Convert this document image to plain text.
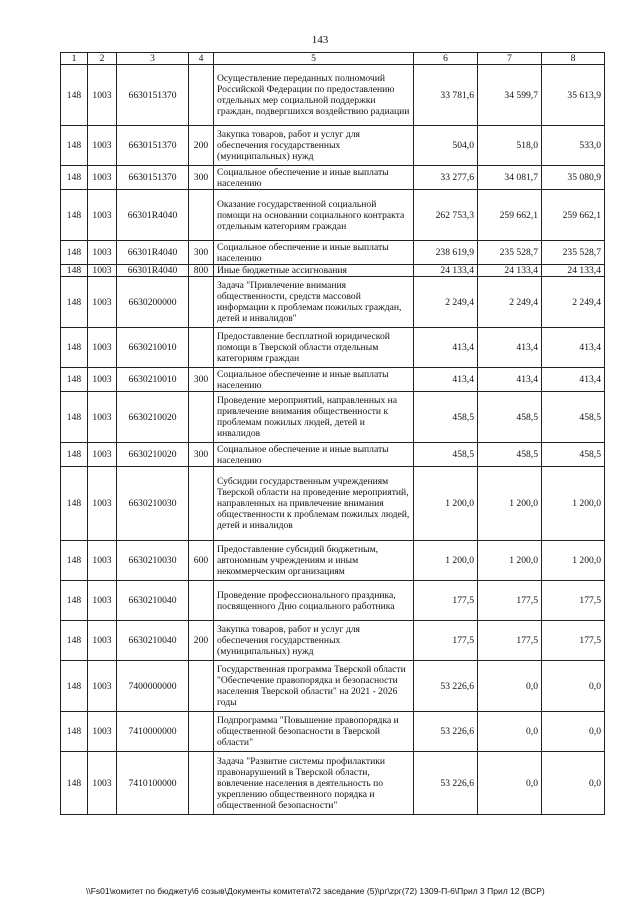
143
1	2	3	4	5	6	7	8
148	1003	6630151370		Осуществление переданных полномочий Российской Федерации по предоставлению отдельных мер социальной поддержки граждан, подвергшихся воздействию радиации	33 781,6	34 599,7	35 613,9
148	1003	6630151370	200	Закупка товаров, работ и услуг для обеспечения государственных (муниципальных) нужд	504,0	518,0	533,0
148	1003	6630151370	300	Социальное обеспечение и иные выплаты населению	33 277,6	34 081,7	35 080,9
148	1003	66301R4040		Оказание государственной социальной помощи на основании социального контракта отдельным категориям граждан	262 753,3	259 662,1	259 662,1
148	1003	66301R4040	300	Социальное обеспечение и иные выплаты населению	238 619,9	235 528,7	235 528,7
148	1003	66301R4040	800	Иные бюджетные ассигнования	24 133,4	24 133,4	24 133,4
148	1003	6630200000		Задача "Привлечение внимания общественности, средств массовой информации к проблемам пожилых граждан, детей и инвалидов"	2 249,4	2 249,4	2 249,4
148	1003	6630210010		Предоставление бесплатной юридической помощи в Тверской области отдельным категориям граждан	413,4	413,4	413,4
148	1003	6630210010	300	Социальное обеспечение и иные выплаты населению	413,4	413,4	413,4
148	1003	6630210020		Проведение мероприятий, направленных на привлечение внимания общественности к проблемам пожилых людей, детей и инвалидов	458,5	458,5	458,5
148	1003	6630210020	300	Социальное обеспечение и иные выплаты населению	458,5	458,5	458,5
148	1003	6630210030		Субсидии государственным учреждениям Тверской области на проведение мероприятий, направленных на привлечение внимания общественности к проблемам пожилых людей, детей и инвалидов	1 200,0	1 200,0	1 200,0
148	1003	6630210030	600	Предоставление субсидий бюджетным, автономным учреждениям и иным некоммерческим организациям	1 200,0	1 200,0	1 200,0
148	1003	6630210040		Проведение профессионального праздника, посвященного Дню социального работника	177,5	177,5	177,5
148	1003	6630210040	200	Закупка товаров, работ и услуг для обеспечения государственных (муниципальных) нужд	177,5	177,5	177,5
148	1003	7400000000		Государственная программа Тверской области "Обеспечение правопорядка и безопасности населения Тверской области" на 2021 - 2026 годы	53 226,6	0,0	0,0
148	1003	7410000000		Подпрограмма "Повышение правопорядка и общественной безопасности в Тверской области"	53 226,6	0,0	0,0
148	1003	7410100000		Задача "Развитие системы профилактики правонарушений в Тверской области, вовлечение населения в деятельность по укреплению общественного порядка и общественной безопасности"	53 226,6	0,0	0,0
\\Fs01\комитет по бюджету\6 созыв\Документы комитета\72 заседание (5)\рг\zрг(72) 1309-П-6\Прил 3 Прил 12 (ВСР)
